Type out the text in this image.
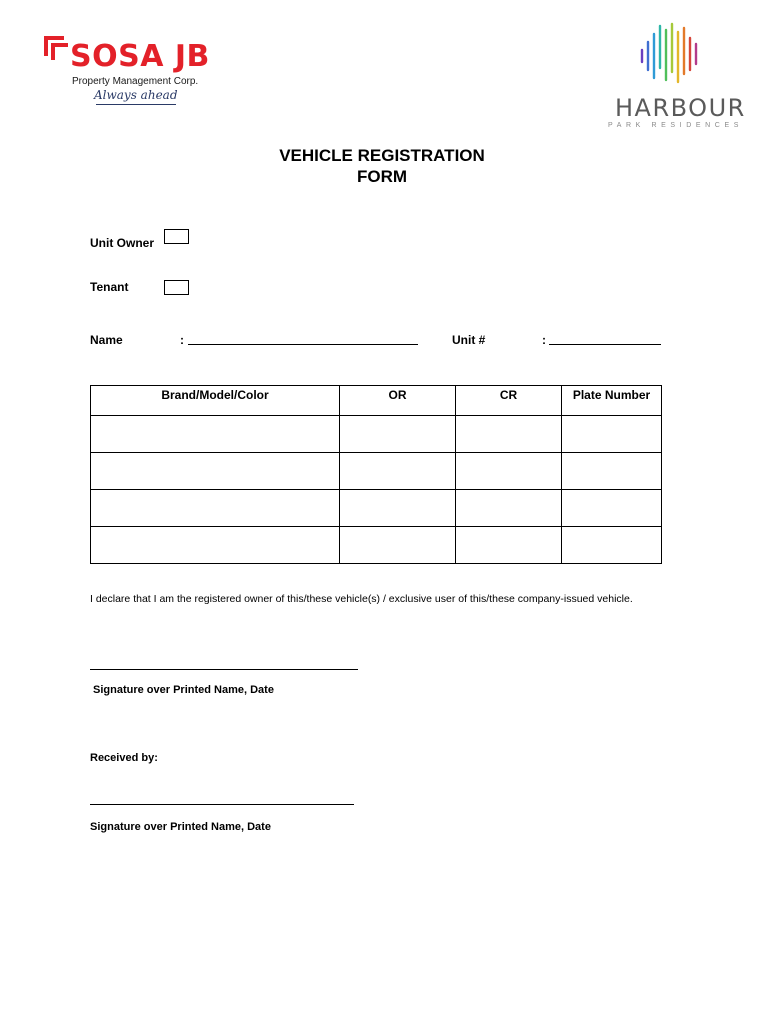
SOSA JB
Property Management Corp.
Always ahead	HARBOUR
PARK RESIDENCES
VEHICLE REGISTRATION
FORM
Unit Owner
Tenant
Name	:	Unit #	:
Brand/Model/Color	OR	CR	Plate Number

I declare that I am the registered owner of this/these vehicle(s) / exclusive user of this/these company-issued vehicle.
Signature over Printed Name, Date
Received by:
Signature over Printed Name, Date
